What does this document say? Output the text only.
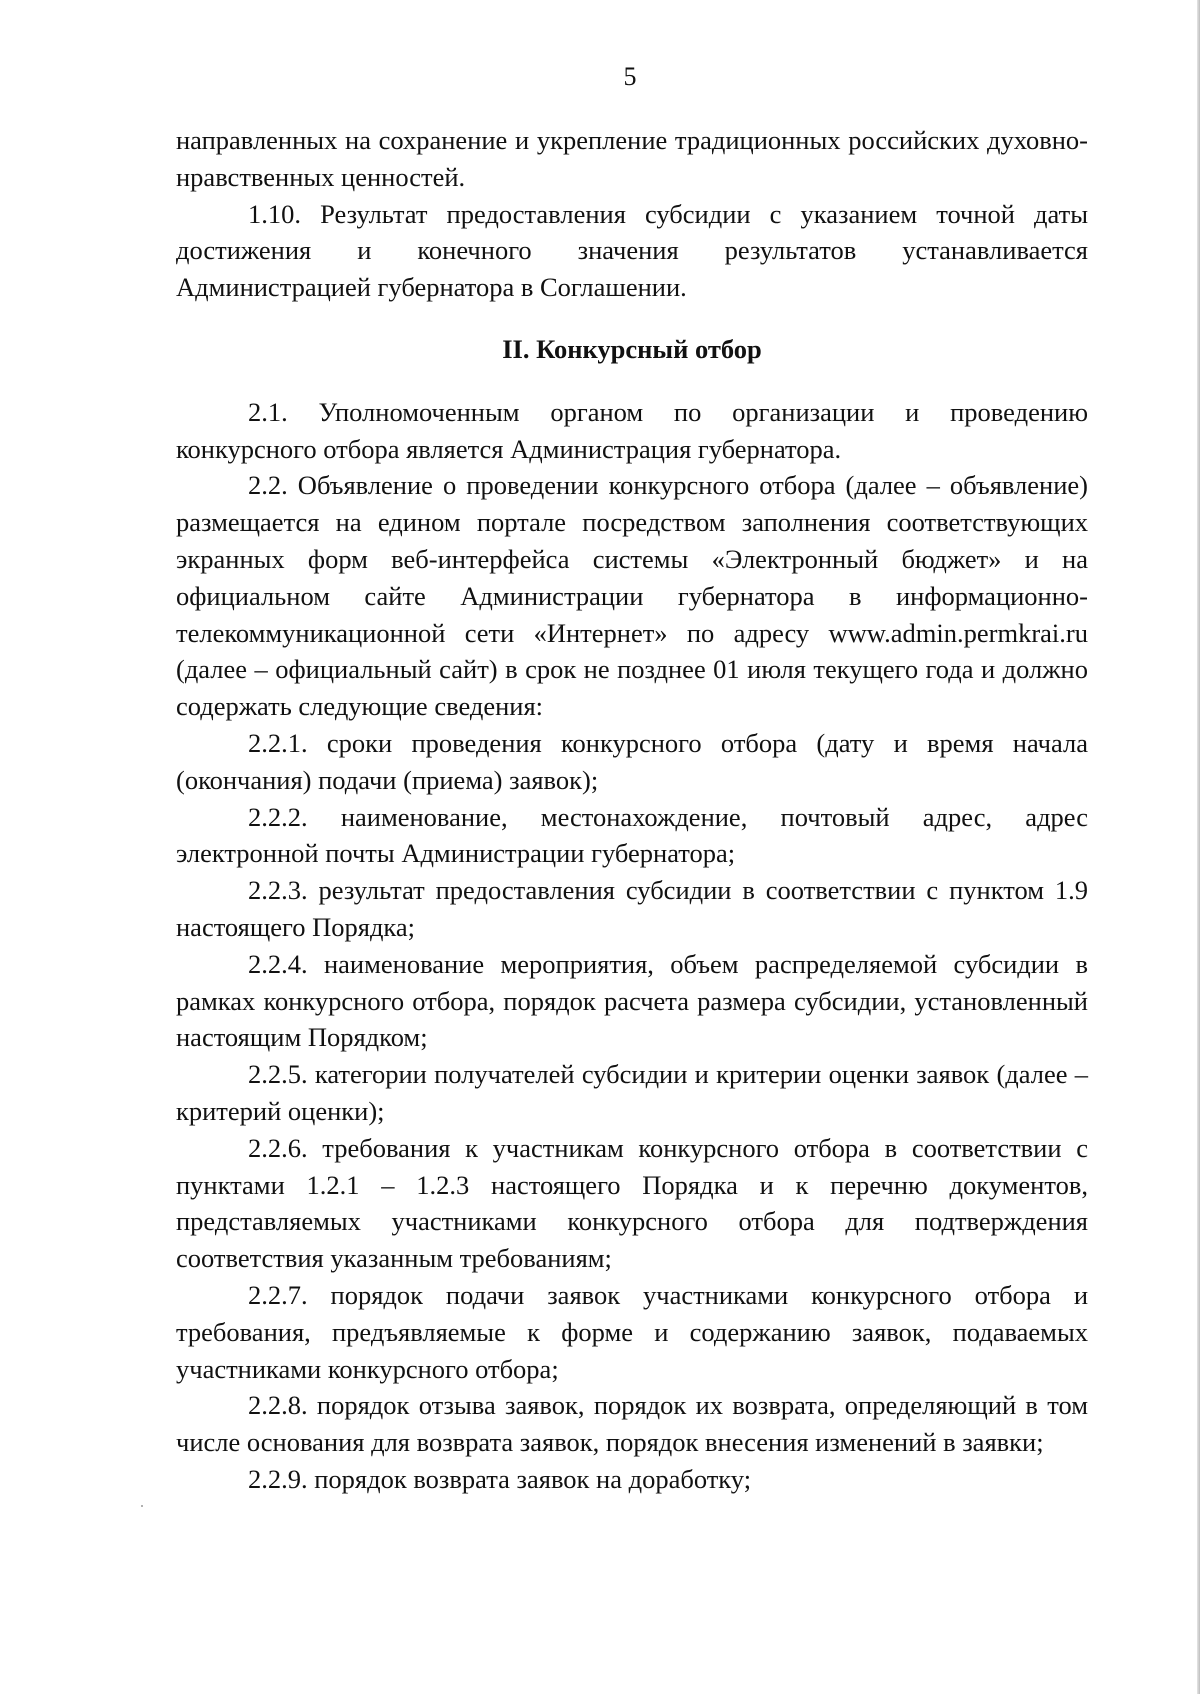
5

направленных на сохранение и укрепление традиционных российских духовно-нравственных ценностей.

1.10. Результат предоставления субсидии с указанием точной даты достижения и конечного значения результатов устанавливается Администрацией губернатора в Соглашении.

II. Конкурсный отбор

2.1. Уполномоченным органом по организации и проведению конкурсного отбора является Администрация губернатора.

2.2. Объявление о проведении конкурсного отбора (далее – объявление) размещается на едином портале посредством заполнения соответствующих экранных форм веб-интерфейса системы «Электронный бюджет» и на официальном сайте Администрации губернатора в информационно-телекоммуникационной сети «Интернет» по адресу www.admin.permkrai.ru (далее – официальный сайт) в срок не позднее 01 июля текущего года и должно содержать следующие сведения:

2.2.1. сроки проведения конкурсного отбора (дату и время начала (окончания) подачи (приема) заявок);

2.2.2. наименование, местонахождение, почтовый адрес, адрес электронной почты Администрации губернатора;

2.2.3. результат предоставления субсидии в соответствии с пунктом 1.9 настоящего Порядка;

2.2.4. наименование мероприятия, объем распределяемой субсидии в рамках конкурсного отбора, порядок расчета размера субсидии, установленный настоящим Порядком;

2.2.5. категории получателей субсидии и критерии оценки заявок (далее – критерий оценки);

2.2.6. требования к участникам конкурсного отбора в соответствии с пунктами 1.2.1 – 1.2.3 настоящего Порядка и к перечню документов, представляемых участниками конкурсного отбора для подтверждения соответствия указанным требованиям;

2.2.7. порядок подачи заявок участниками конкурсного отбора и требования, предъявляемые к форме и содержанию заявок, подаваемых участниками конкурсного отбора;

2.2.8. порядок отзыва заявок, порядок их возврата, определяющий в том числе основания для возврата заявок, порядок внесения изменений в заявки;

2.2.9. порядок возврата заявок на доработку;
